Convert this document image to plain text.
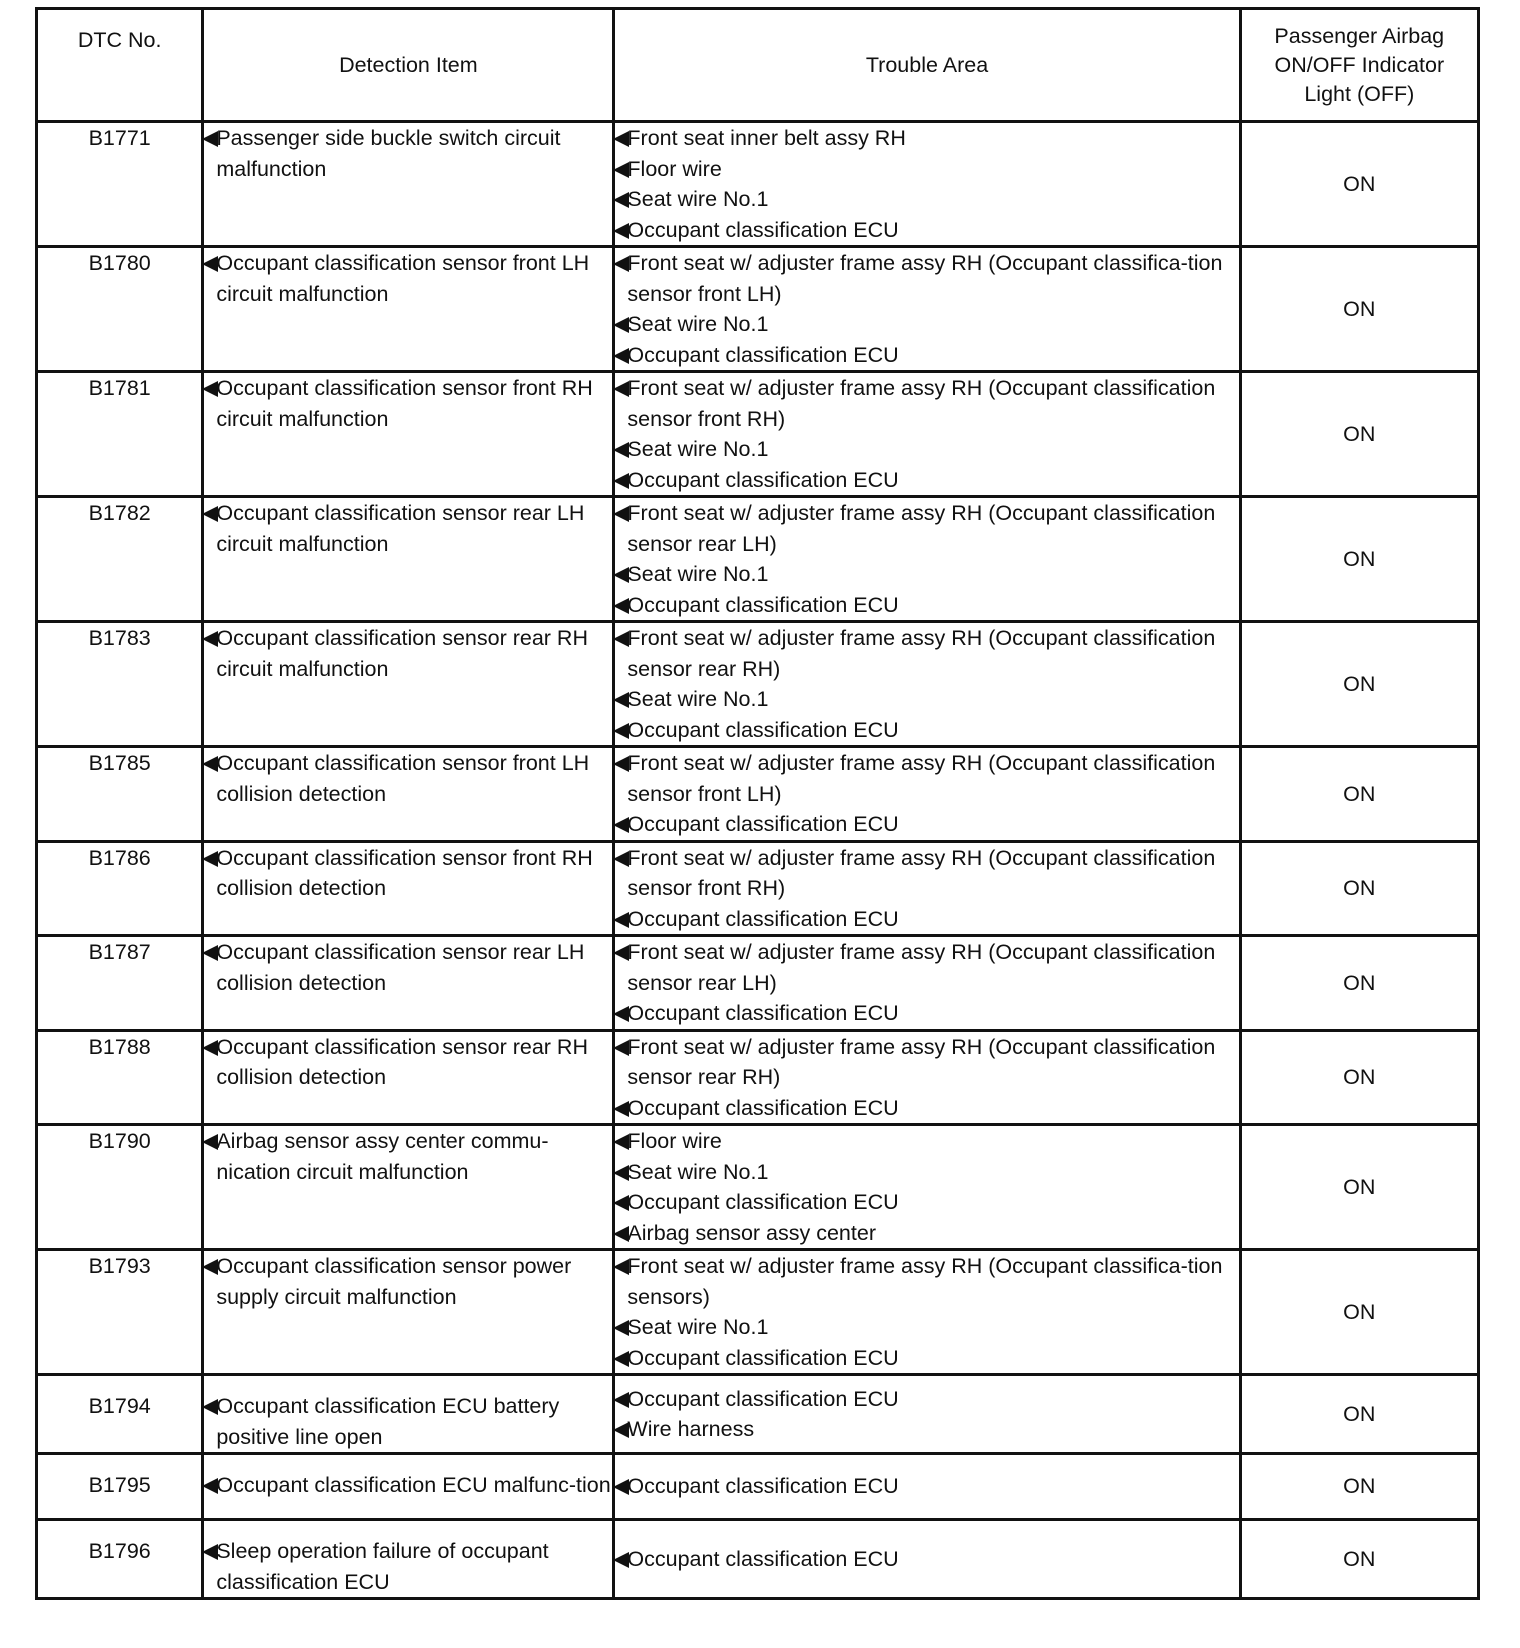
DTC No.	Detection Item	Trouble Area	Passenger Airbag
ON/OFF Indicator
Light (OFF)
B1771	Passenger side buckle switch circuit malfunction	Front seat inner belt assy RH
Floor wire
Seat wire No.1
Occupant classification ECU	ON
B1780	Occupant classification sensor front LH circuit malfunction	Front seat w/ adjuster frame assy RH (Occupant classifica-tion sensor front LH)
Seat wire No.1
Occupant classification ECU	ON
B1781	Occupant classification sensor front RH circuit malfunction	Front seat w/ adjuster frame assy RH (Occupant classification sensor front RH)
Seat wire No.1
Occupant classification ECU	ON
B1782	Occupant classification sensor rear LH circuit malfunction	Front seat w/ adjuster frame assy RH (Occupant classification sensor rear LH)
Seat wire No.1
Occupant classification ECU	ON
B1783	Occupant classification sensor rear RH circuit malfunction	Front seat w/ adjuster frame assy RH (Occupant classification sensor rear RH)
Seat wire No.1
Occupant classification ECU	ON
B1785	Occupant classification sensor front LH collision detection	Front seat w/ adjuster frame assy RH (Occupant classification sensor front LH)
Occupant classification ECU	ON
B1786	Occupant classification sensor front RH collision detection	Front seat w/ adjuster frame assy RH (Occupant classification sensor front RH)
Occupant classification ECU	ON
B1787	Occupant classification sensor rear LH collision detection	Front seat w/ adjuster frame assy RH (Occupant classification sensor rear LH)
Occupant classification ECU	ON
B1788	Occupant classification sensor rear RH collision detection	Front seat w/ adjuster frame assy RH (Occupant classification sensor rear RH)
Occupant classification ECU	ON
B1790	Airbag sensor assy center commu-nication circuit malfunction	Floor wire
Seat wire No.1
Occupant classification ECU
Airbag sensor assy center	ON
B1793	Occupant classification sensor power supply circuit malfunction	Front seat w/ adjuster frame assy RH (Occupant classifica-tion sensors)
Seat wire No.1
Occupant classification ECU	ON
B1794	Occupant classification ECU battery positive line open	Occupant classification ECU
Wire harness	ON
B1795	Occupant classification ECU malfunc-tion	Occupant classification ECU	ON
B1796	Sleep operation failure of occupant classification ECU	Occupant classification ECU	ON
